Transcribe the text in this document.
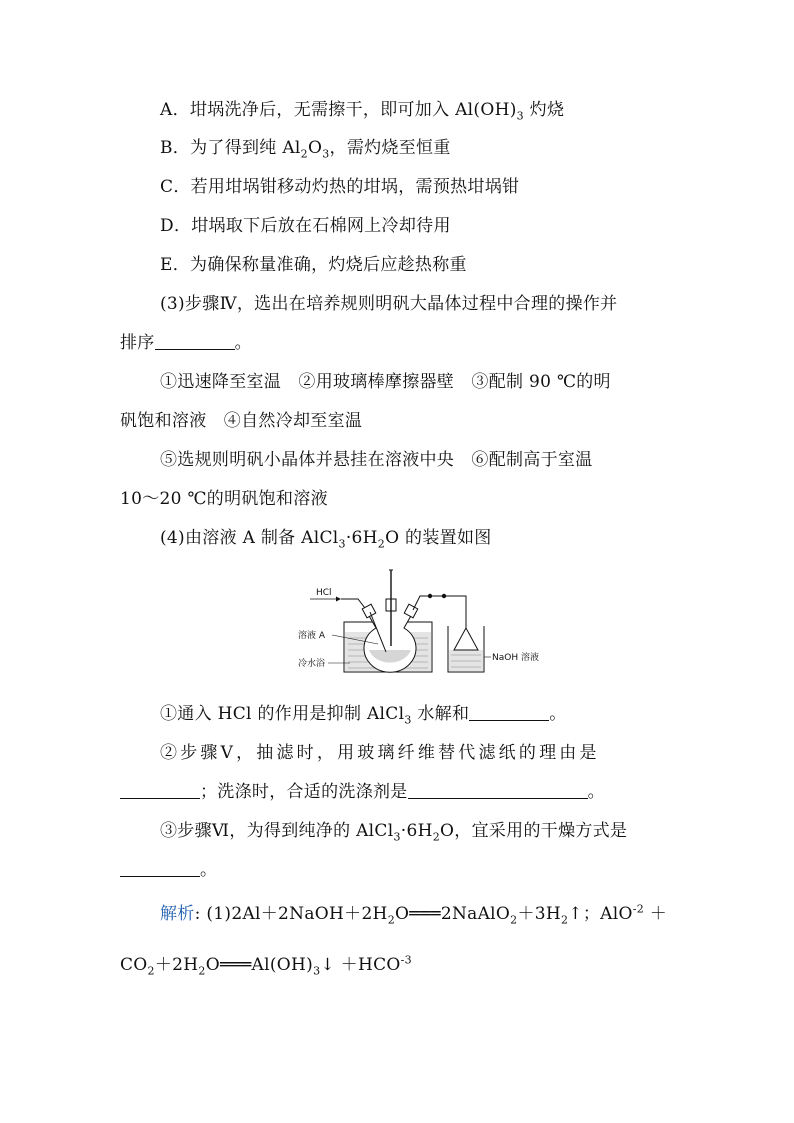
A．坩埚洗净后，无需擦干，即可加入 $Al(OH)_3$ 灼烧
B．为了得到纯 $Al_2O_3$，需灼烧至恒重
C．若用坩埚钳移动灼热的坩埚，需预热坩埚钳
D．坩埚取下后放在石棉网上冷却待用
E．为确保称量准确，灼烧后应趁热称重
(3)步骤Ⅳ，选出在培养规则明矾大晶体过程中合理的操作并
排序	。
①迅速降至室温　②用玻璃棒摩擦器壁　③配制 90 ℃的明
矾饱和溶液　④自然冷却至室温
⑤选规则明矾小晶体并悬挂在溶液中央　⑥配制高于室温
10～20 ℃的明矾饱和溶液
(4)由溶液 A 制备 $AlCl_3\cdot 6H_2O$ 的装置如图
HCl
溶液 A
冷水浴
NaOH 溶液
①通入 HCl 的作用是抑制 AlCl$_3$ 水解和	。
②步骤Ⅴ，抽滤时，用玻璃纤维替代滤纸的理由是
；洗涤时，合适的洗涤剂是	。
③步骤Ⅵ，为得到纯净的 $AlCl_3\cdot 6H_2O$，宜采用的干燥方式是
。
解析: $(1)2Al+2NaOH+2H_2O═══2NaAlO_2+3H_2↑$；AlO$^{-2}$ ＋
$CO_2+2H_2O═══Al(OH)_3↓ +HCO^{-3}$
